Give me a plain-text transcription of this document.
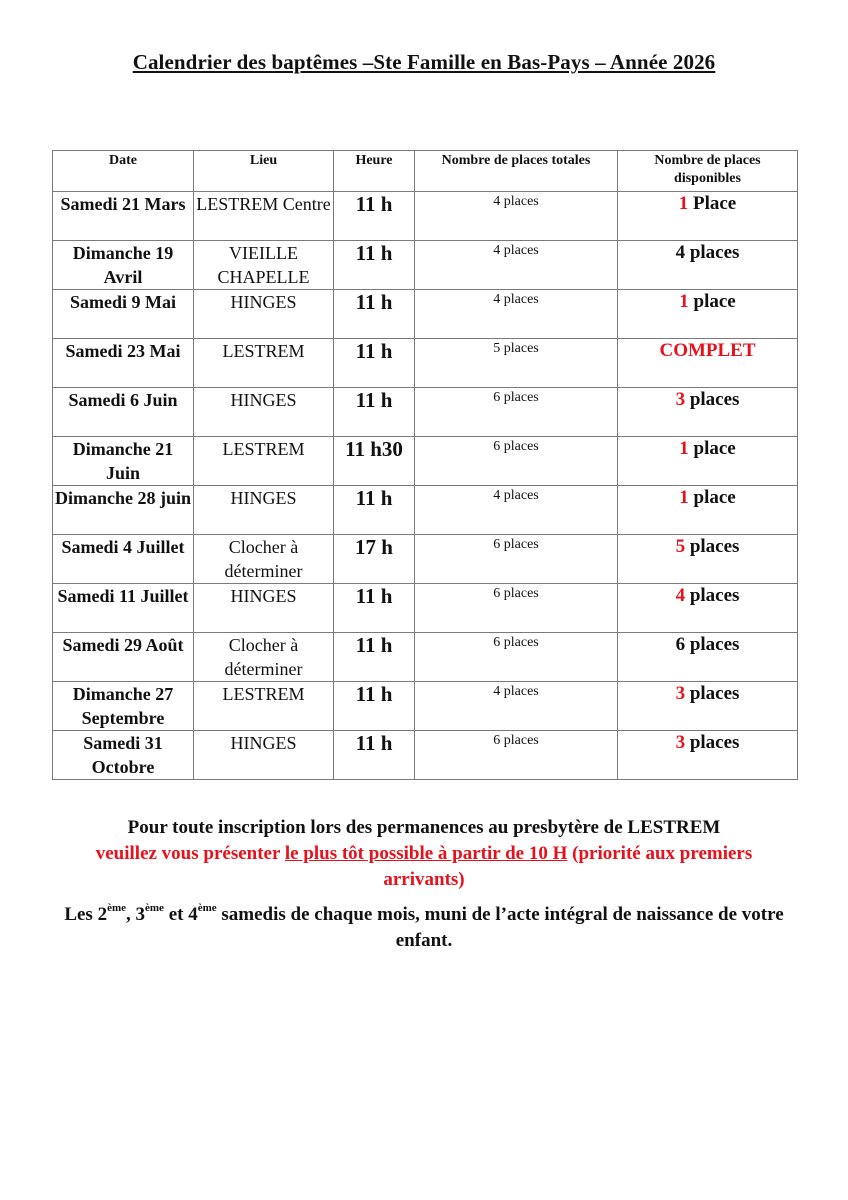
Calendrier des baptêmes –Ste Famille en Bas-Pays – Année 2026
Date	Lieu	Heure	Nombre de places totales	Nombre de places disponibles
Samedi 21 Mars	LESTREM Centre	11 h	4 places	1 Place
Dimanche 19 Avril	VIEILLE CHAPELLE	11 h	4 places	4 places
Samedi 9 Mai	HINGES	11 h	4 places	1 place
Samedi 23 Mai	LESTREM	11 h	5 places	COMPLET
Samedi 6 Juin	HINGES	11 h	6 places	3 places
Dimanche 21 Juin	LESTREM	11 h30	6 places	1 place
Dimanche 28 juin	HINGES	11 h	4 places	1 place
Samedi 4 Juillet	Clocher à déterminer	17 h	6 places	5 places
Samedi 11 Juillet	HINGES	11 h	6 places	4 places
Samedi 29 Août	Clocher à déterminer	11 h	6 places	6 places
Dimanche 27 Septembre	LESTREM	11 h	4 places	3 places
Samedi 31 Octobre	HINGES	11 h	6 places	3 places

Pour toute inscription lors des permanences au presbytère de LESTREM
veuillez vous présenter le plus tôt possible à partir de 10 H (priorité aux premiers arrivants)

Les 2ème, 3ème et 4ème samedis de chaque mois, muni de l’acte intégral de naissance de votre enfant.
